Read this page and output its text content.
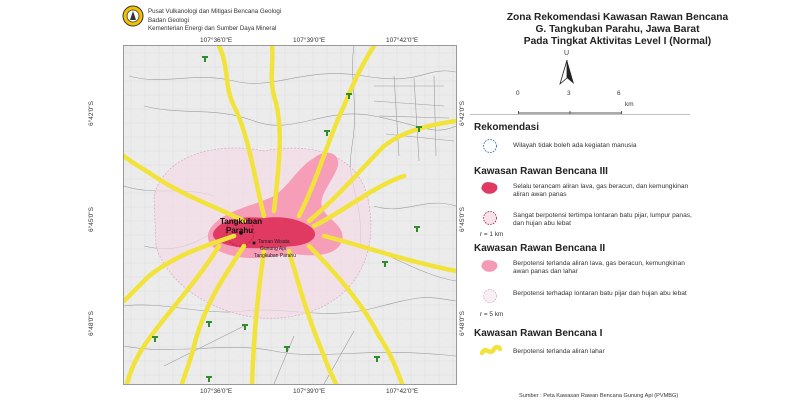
Pusat Vulkanologi dan Mitigasi Bencana Geologi
Badan Geologi
Kementerian Energi dan Sumber Daya Mineral
107°36'0"E	107°39'0"E	107°42'0"E
107°36'0"E	107°39'0"E	107°42'0"E
6°42'0"S
6°45'0"S
6°48'0"S
6°42'0"S
6°45'0"S
6°48'0"S
Tangkuban
Parahu
Taman Wisata
Gunung Api
Tangkuban Parahu
Zona Rekomendasi Kawasan Rawan Bencana
G. Tangkuban Parahu, Jawa Barat
Pada Tingkat Aktivitas Level I (Normal)
U
0	3	6
km
Rekomendasi
Wilayah tidak boleh ada kegiatan manusia
Kawasan Rawan Bencana III
Selalu terancam aliran lava, gas beracun, dan kemungkinan aliran awan panas
Sangat berpotensi tertimpa lontaran batu pijar, lumpur panas, dan hujan abu lebat
r = 1 km
Kawasan Rawan Bencana II
Berpotensi terlanda aliran lava, gas beracun, kemungkinan awan panas dan lahar
Berpotensi terhadap lontaran batu pijar dan hujan abu lebat
r = 5 km
Kawasan Rawan Bencana I
Berpotensi terlanda aliran lahar
Sumber : Peta Kawasan Rawan Bencana Gunung Api (PVMBG)
